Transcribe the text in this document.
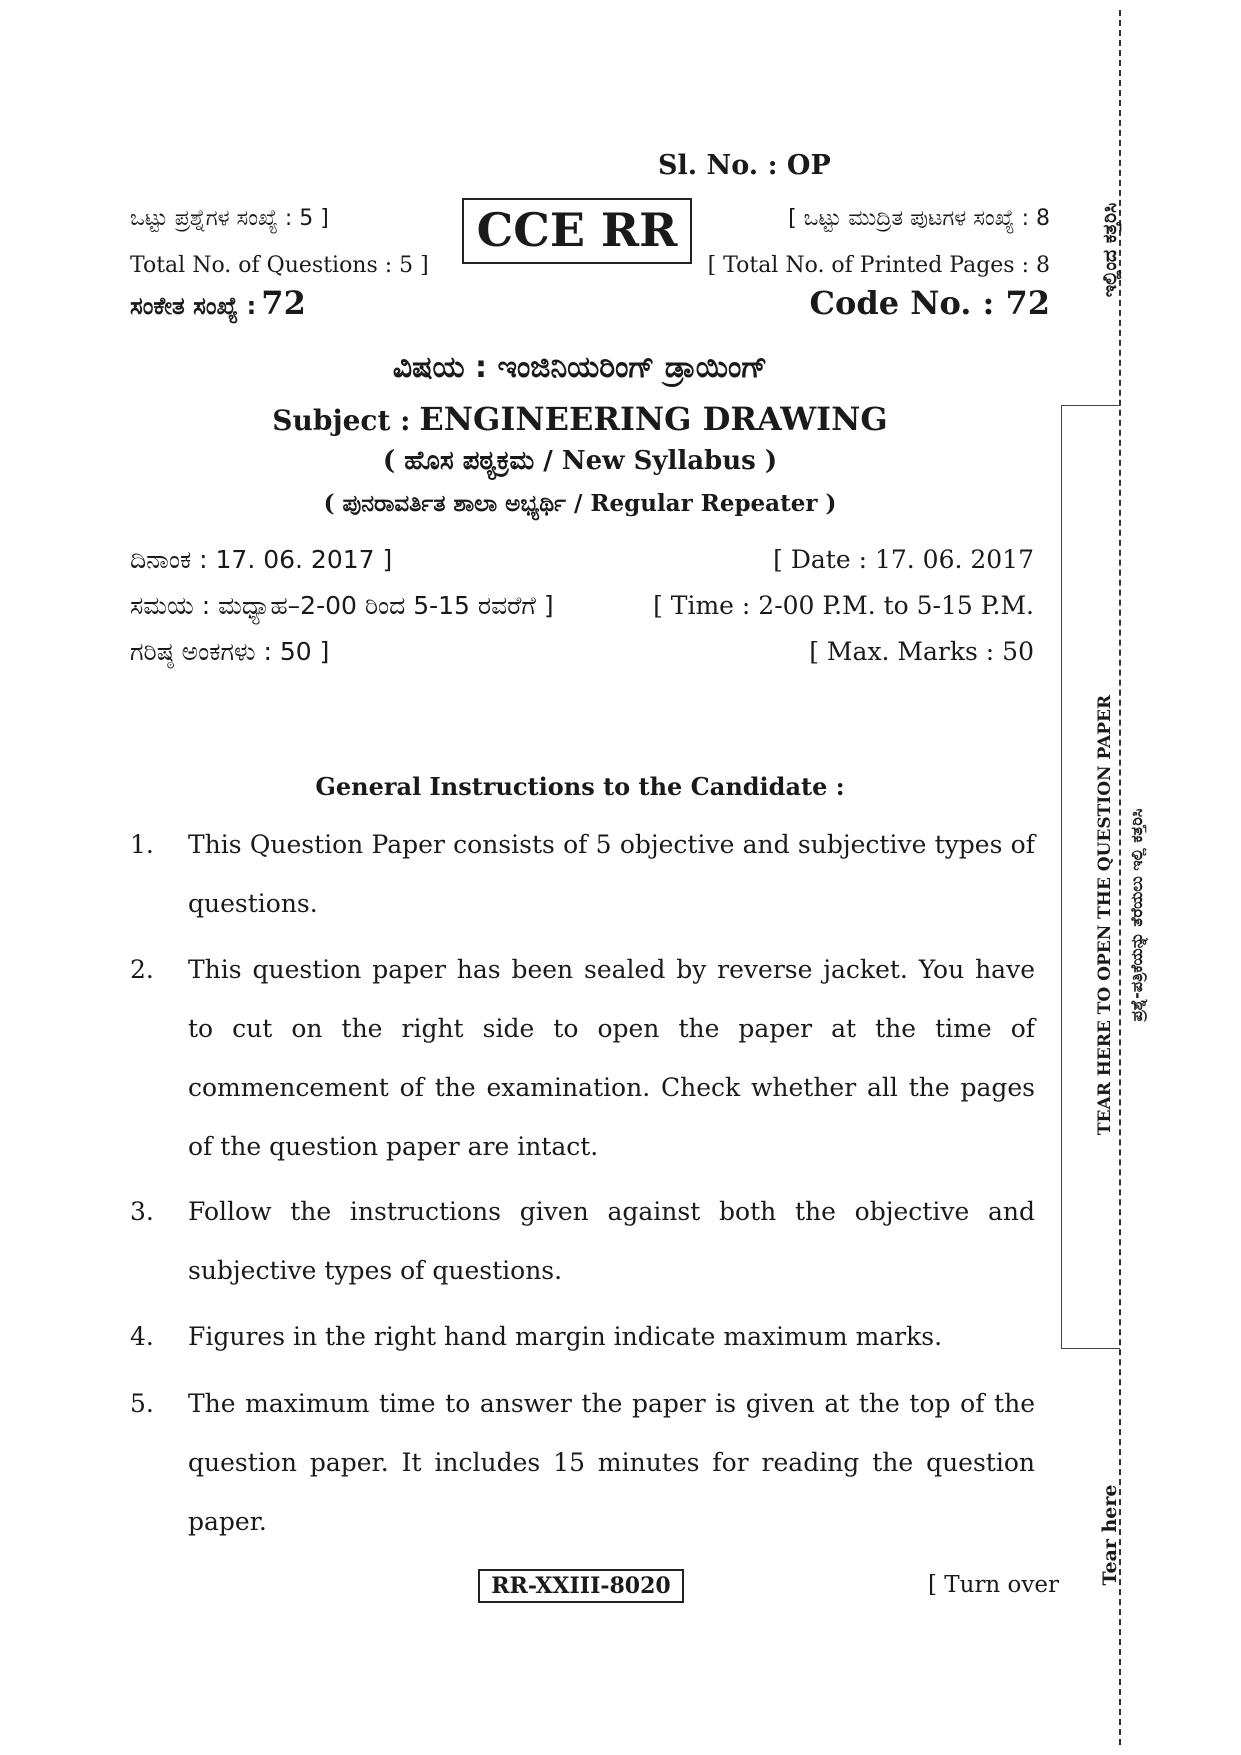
Sl. No. : OP
ಒಟ್ಟು ಪ್ರಶ್ನೆಗಳ ಸಂಖ್ಯೆ : 5 ]
Total No. of Questions : 5 ]
CCE RR	[ ಒಟ್ಟು ಮುದ್ರಿತ ಪುಟಗಳ ಸಂಖ್ಯೆ : 8
[ Total No. of Printed Pages : 8
ಸಂಕೇತ ಸಂಖ್ಯೆ : 72	Code No. : 72
ವಿಷಯ : ಇಂಜಿನಿಯರಿಂಗ್ ಡ್ರಾಯಿಂಗ್
Subject : ENGINEERING DRAWING
( ಹೊಸ ಪಠ್ಯಕ್ರಮ / New Syllabus )
( ಪುನರಾವರ್ತಿತ ಶಾಲಾ ಅಭ್ಯರ್ಥಿ / Regular Repeater )
ದಿನಾಂಕ : 17. 06. 2017 ]	[ Date : 17. 06. 2017
ಸಮಯ : ಮಧ್ಯಾಹ–2-00 ರಿಂದ 5-15 ರವರೆಗೆ ]	[ Time : 2-00 P.M. to 5-15 P.M.
ಗರಿಷ್ಠ ಅಂಕಗಳು : 50 ]	[ Max. Marks : 50
General Instructions to the Candidate :
1. This Question Paper consists of 5 objective and subjective types of questions.
2. This question paper has been sealed by reverse jacket. You have to cut on the right side to open the paper at the time of commencement of the examination. Check whether all the pages of the question paper are intact.
3. Follow the instructions given against both the objective and subjective types of questions.
4. Figures in the right hand margin indicate maximum marks.
5. The maximum time to answer the paper is given at the top of the question paper. It includes 15 minutes for reading the question paper.
RR-XXIII-8020	[ Turn over
ಇಲ್ಲಿಂದ ಕತ್ತರಿಸಿ
TEAR HERE TO OPEN THE QUESTION PAPER ಪ್ರಶ್ನೆ-ಪತ್ರಿಕೆಯನ್ನು ತೆರೆಯಲು ಇಲ್ಲಿ ಕತ್ತರಿಸಿ
Tear here
